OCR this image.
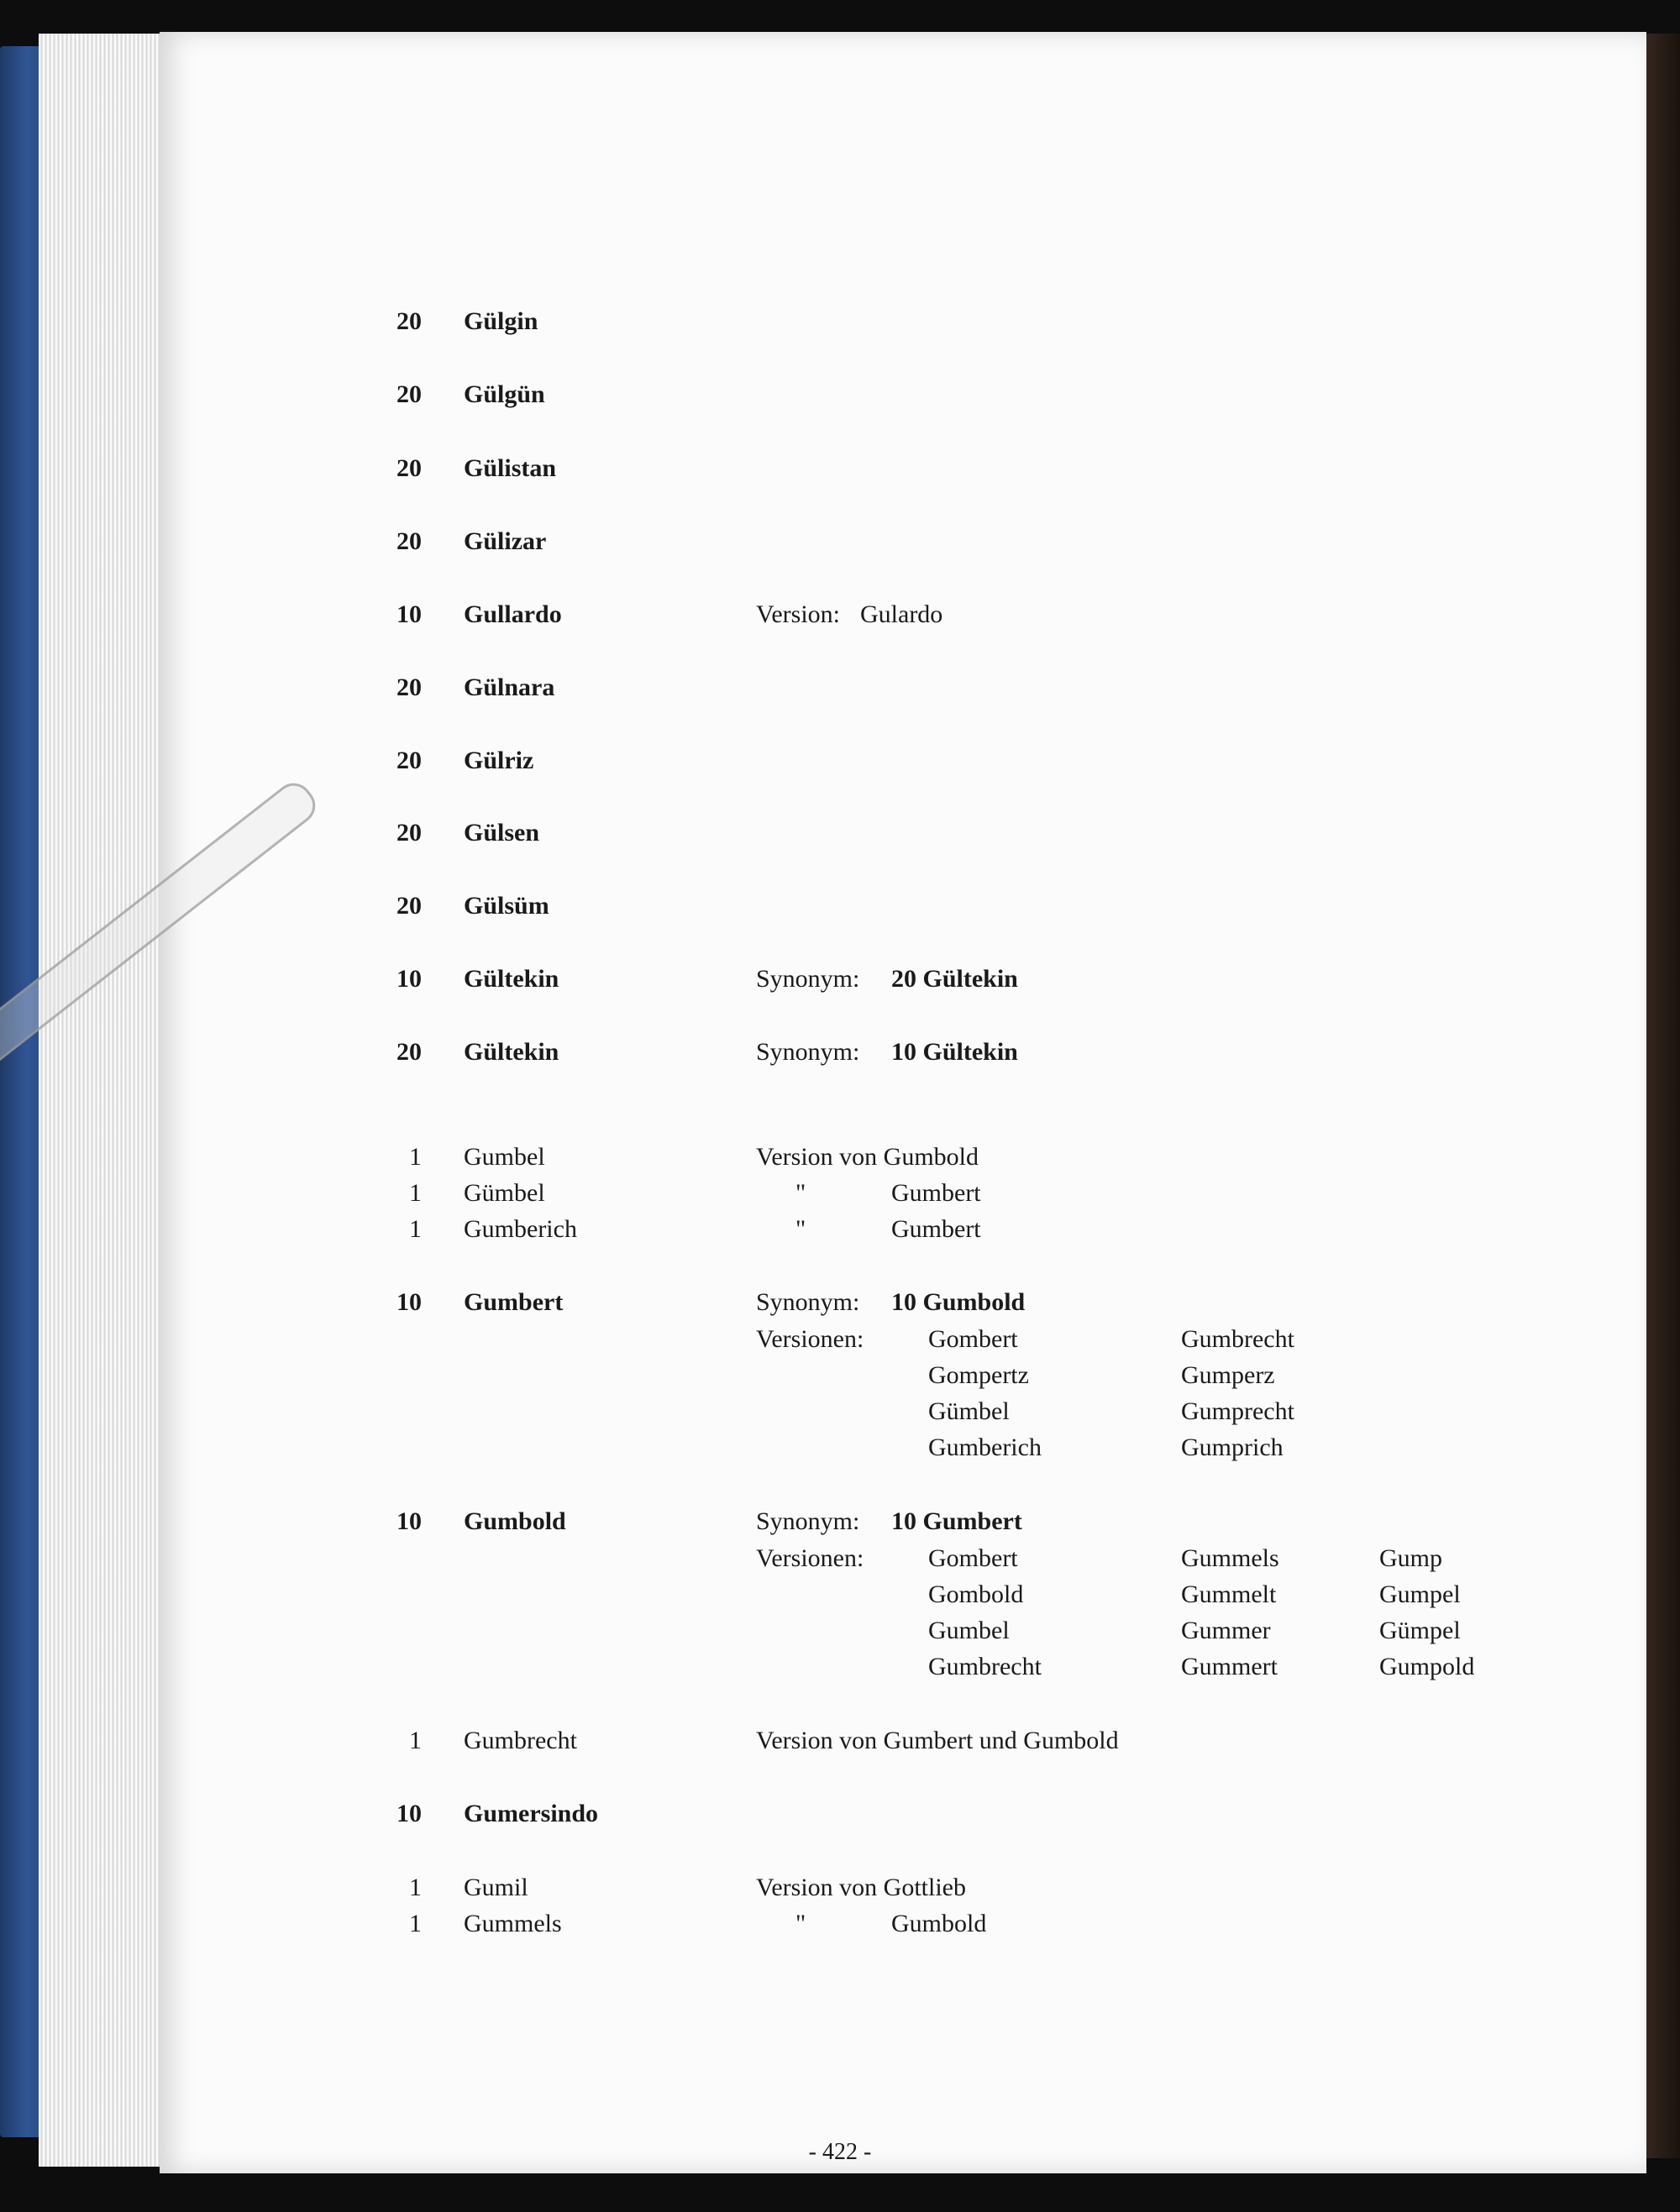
20 Gülgin
20 Gülgün
20 Gülistan
20 Gülizar
10 Gullardo	Version: Gulardo
20 Gülnara
20 Gülriz
20 Gülsen
20 Gülsüm
10 Gültekin	Synonym: 20 Gültekin
20 Gültekin	Synonym: 10 Gültekin
1 Gumbel	Version von Gumbold
1 Gümbel	"	Gumbert
1 Gumberich	"	Gumbert
10 Gumbert	Synonym: 10 Gumbold
Versionen:	Gombert	Gumbrecht
Gompertz	Gumperz
Gümbel	Gumprecht
Gumberich	Gumprich
10 Gumbold	Synonym: 10 Gumbert
Versionen:	Gombert	Gummels	Gump
Gombold	Gummelt	Gumpel
Gumbel	Gummer	Gümpel
Gumbrecht	Gummert	Gumpold
1 Gumbrecht	Version von Gumbert und Gumbold
10 Gumersindo
1 Gumil	Version von Gottlieb
1 Gummels	"	Gumbold
- 422 -
